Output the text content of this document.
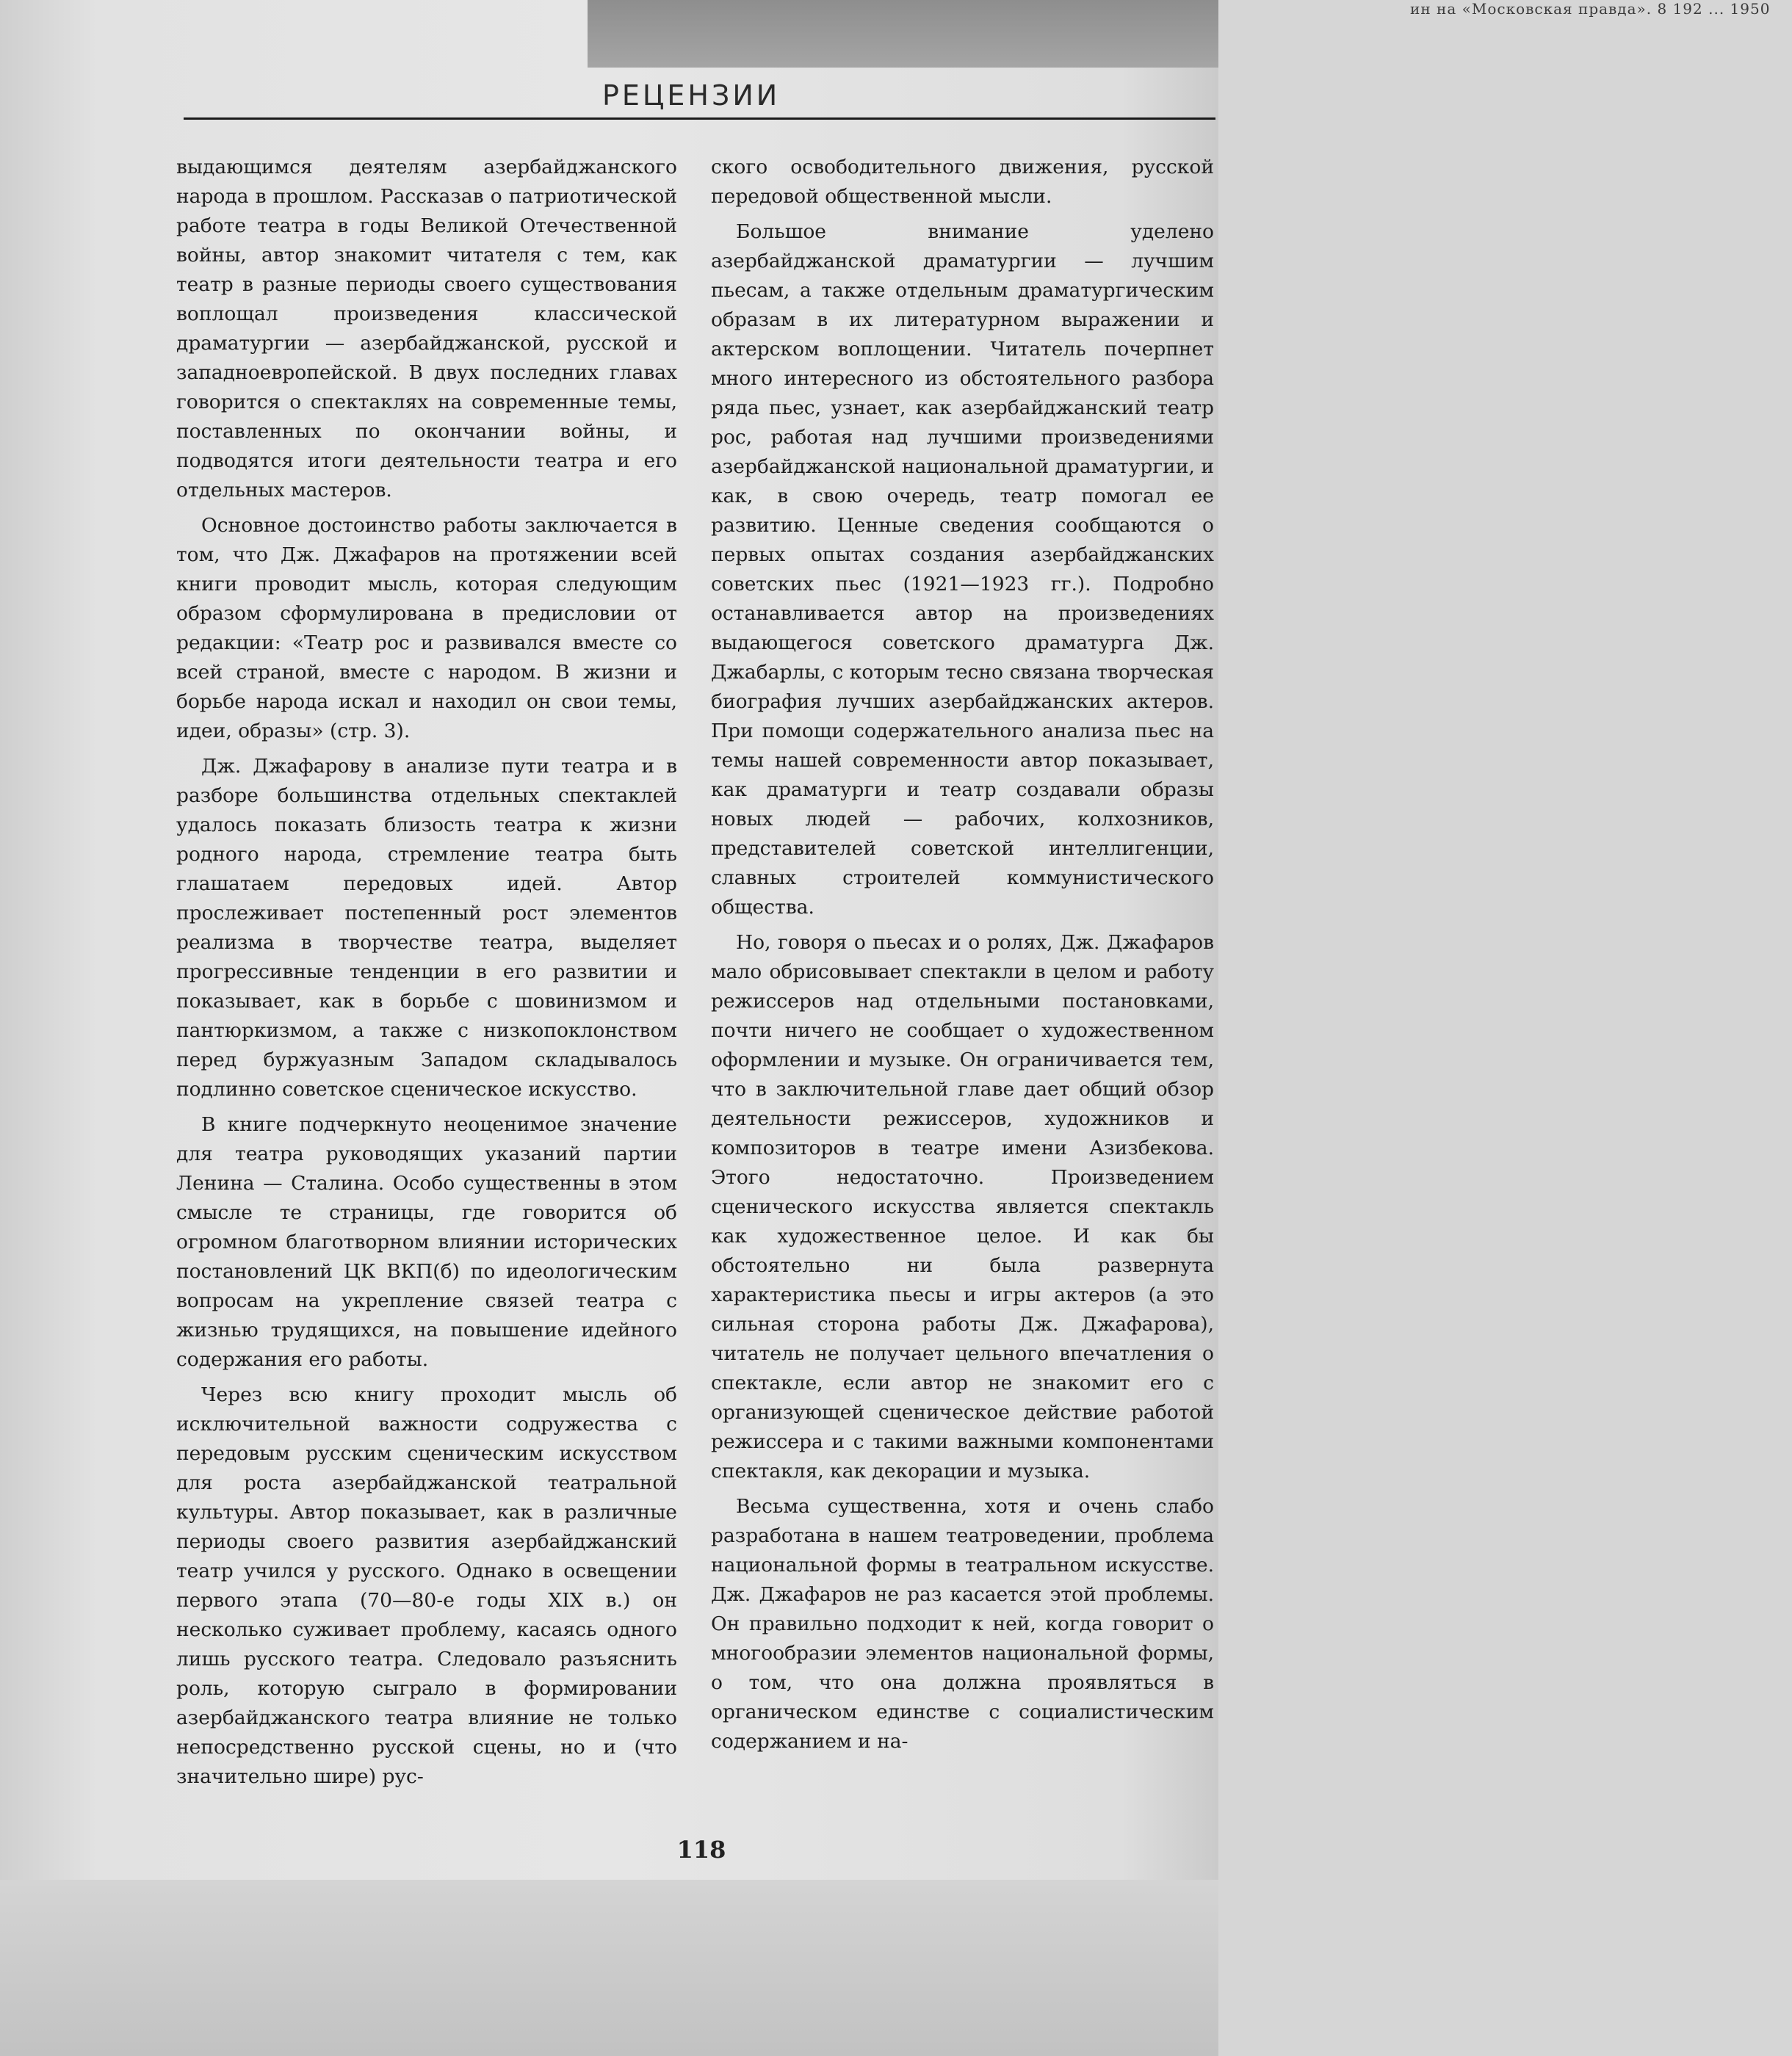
ин на «Московская правда». 8 192 ... 1950
РЕЦЕНЗИИ

выдающимся деятелям азербайджанского народа в прошлом. Рассказав о патриотической работе театра в годы Великой Отечественной войны, автор знакомит читателя с тем, как театр в разные периоды своего существования воплощал произведения классической драматургии — азербайджанской, русской и западноевропейской. В двух последних главах говорится о спектаклях на современные темы, поставленных по окончании войны, и подводятся итоги деятельности театра и его отдельных мастеров.

Основное достоинство работы заключается в том, что Дж. Джафаров на протяжении всей книги проводит мысль, которая следующим образом сформулирована в предисловии от редакции: «Театр рос и развивался вместе со всей страной, вместе с народом. В жизни и борьбе народа искал и находил он свои темы, идеи, образы» (стр. 3).

Дж. Джафарову в анализе пути театра и в разборе большинства отдельных спектаклей удалось показать близость театра к жизни родного народа, стремление театра быть глашатаем передовых идей. Автор прослеживает постепенный рост элементов реализма в творчестве театра, выделяет прогрессивные тенденции в его развитии и показывает, как в борьбе с шовинизмом и пантюркизмом, а также с низкопоклонством перед буржуазным Западом складывалось подлинно советское сценическое искусство.

В книге подчеркнуто неоценимое значение для театра руководящих указаний партии Ленина — Сталина. Особо существенны в этом смысле те страницы, где говорится об огромном благотворном влиянии исторических постановлений ЦК ВКП(б) по идеологическим вопросам на укрепление связей театра с жизнью трудящихся, на повышение идейного содержания его работы.

Через всю книгу проходит мысль об исключительной важности содружества с передовым русским сценическим искусством для роста азербайджанской театральной культуры. Автор показывает, как в различные периоды своего развития азербайджанский театр учился у русского. Однако в освещении первого этапа (70—80-е годы XIX в.) он несколько суживает проблему, касаясь одного лишь русского театра. Следовало разъяснить роль, которую сыграло в формировании азербайджанского театра влияние не только непосредственно русской сцены, но и (что значительно шире) рус-

ского освободительного движения, русской передовой общественной мысли.

Большое внимание уделено азербайджанской драматургии — лучшим пьесам, а также отдельным драматургическим образам в их литературном выражении и актерском воплощении. Читатель почерпнет много интересного из обстоятельного разбора ряда пьес, узнает, как азербайджанский театр рос, работая над лучшими произведениями азербайджанской национальной драматургии, и как, в свою очередь, театр помогал ее развитию. Ценные сведения сообщаются о первых опытах создания азербайджанских советских пьес (1921—1923 гг.). Подробно останавливается автор на произведениях выдающегося советского драматурга Дж. Джабарлы, с которым тесно связана творческая биография лучших азербайджанских актеров. При помощи содержательного анализа пьес на темы нашей современности автор показывает, как драматурги и театр создавали образы новых людей — рабочих, колхозников, представителей советской интеллигенции, славных строителей коммунистического общества.

Но, говоря о пьесах и о ролях, Дж. Джафаров мало обрисовывает спектакли в целом и работу режиссеров над отдельными постановками, почти ничего не сообщает о художественном оформлении и музыке. Он ограничивается тем, что в заключительной главе дает общий обзор деятельности режиссеров, художников и композиторов в театре имени Азизбекова. Этого недостаточно. Произведением сценического искусства является спектакль как художественное целое. И как бы обстоятельно ни была развернута характеристика пьесы и игры актеров (а это сильная сторона работы Дж. Джафарова), читатель не получает цельного впечатления о спектакле, если автор не знакомит его с организующей сценическое действие работой режиссера и с такими важными компонентами спектакля, как декорации и музыка.

Весьма существенна, хотя и очень слабо разработана в нашем театроведении, проблема национальной формы в театральном искусстве. Дж. Джафаров не раз касается этой проблемы. Он правильно подходит к ней, когда говорит о многообразии элементов национальной формы, о том, что она должна проявляться в органическом единстве с социалистическим содержанием и на-

118
